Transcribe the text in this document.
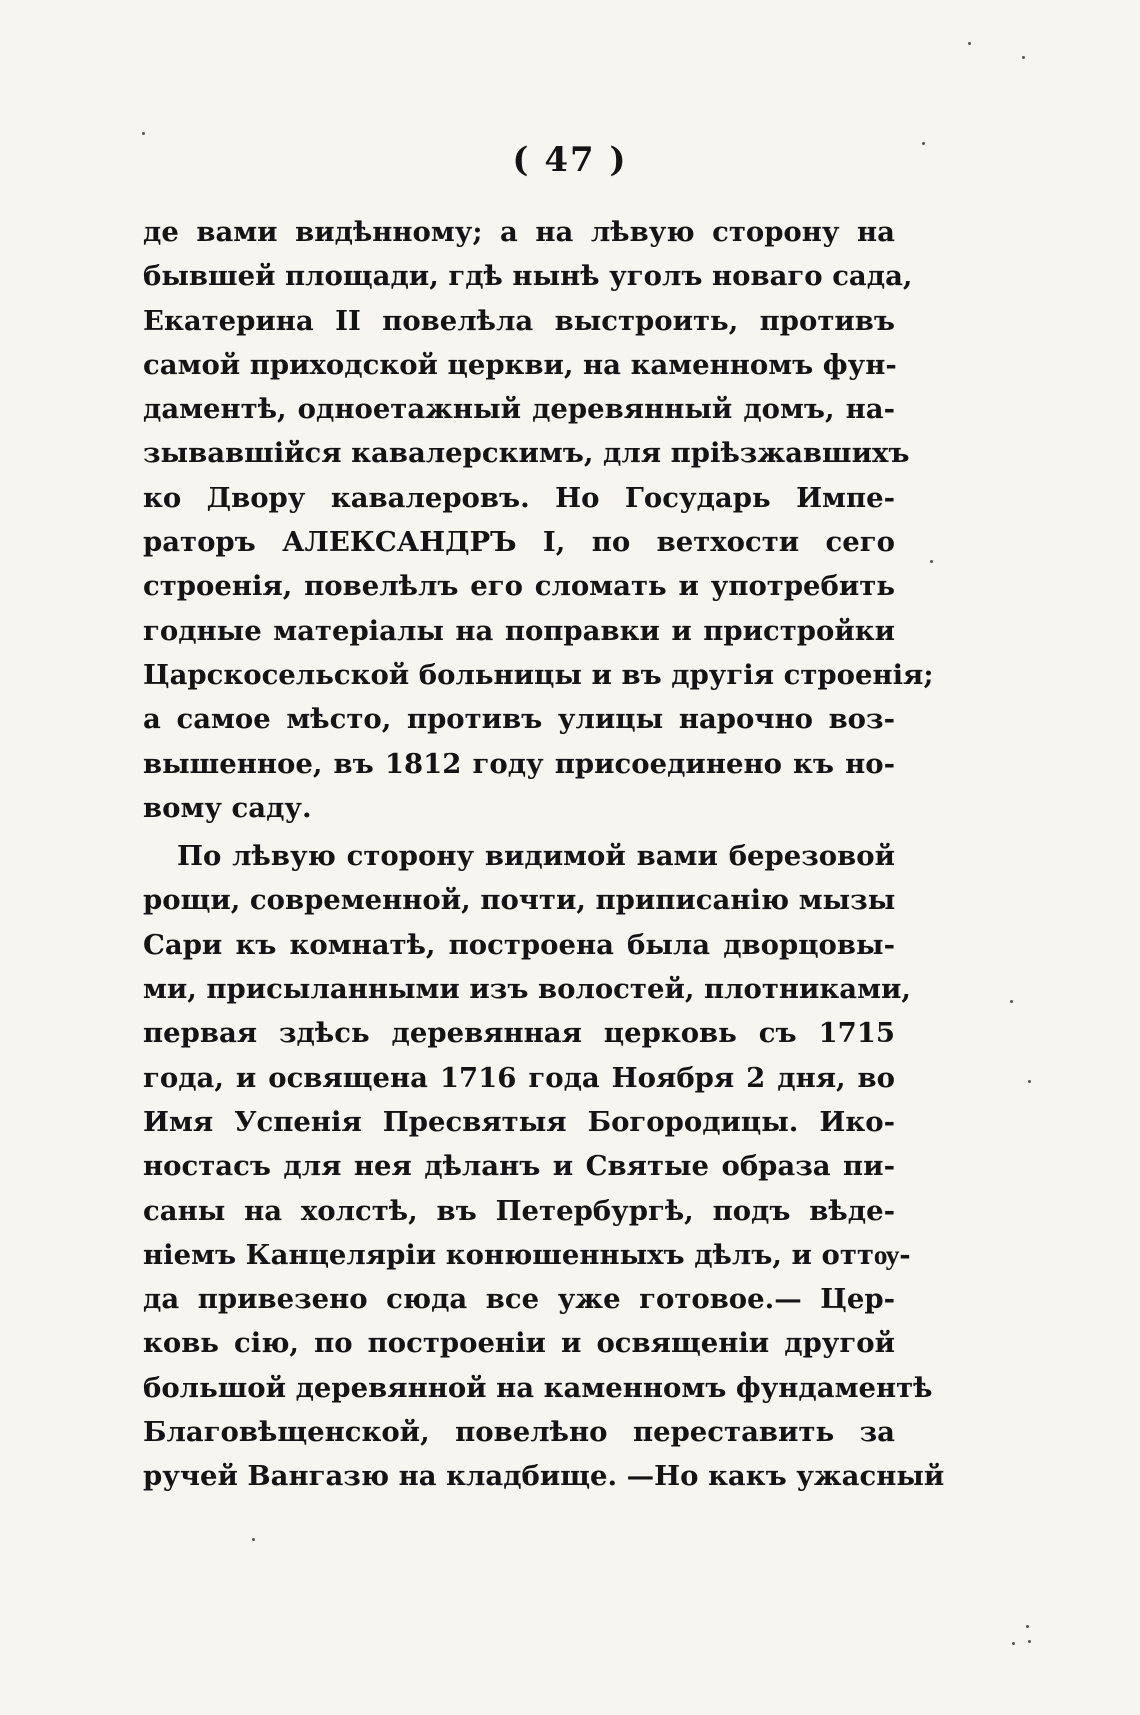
( 47 )
де вами видѣнному; а на лѣвую сторону на
бывшей площади, гдѣ нынѣ уголъ новаго сада,
Екатерина II повелѣла выстроить, противъ
самой приходской церкви, на каменномъ фун-
даментѣ, одноетажный деревянный домъ, на-
зывавшійся кавалерскимъ, для пріѣзжавшихъ
ко Двору кавалеровъ. Но Государь Импе-
раторъ АЛЕКСАНДРЪ I, по ветхости сего
строенія, повелѣлъ его сломать и употребить
годные матеріалы на поправки и пристройки
Царскосельской больницы и въ другія строенія;
а самое мѣсто, противъ улицы нарочно воз-
вышенное, въ 1812 году присоединено къ но-
вому саду.
По лѣвую сторону видимой вами березовой
рощи, современной, почти, приписанію мызы
Сари къ комнатѣ, построена была дворцовы-
ми, присыланными изъ волостей, плотниками,
первая здѣсь деревянная церковь съ 1715
года, и освящена 1716 года Ноября 2 дня, во
Имя Успенія Пресвятыя Богородицы. Ико-
ностасъ для нея дѣланъ и Святые образа пи-
саны на холстѣ, въ Петербургѣ, подъ вѣде-
ніемъ Канцеляріи конюшенныхъ дѣлъ, и оттѹ-
да привезено сюда все уже готовое.— Цер-
ковь сію, по построеніи и освященіи другой
большой деревянной на каменномъ фундаментѣ
Благовѣщенской, повелѣно переставить за
ручей Вангазю на кладбище. —Но какъ ужасный
